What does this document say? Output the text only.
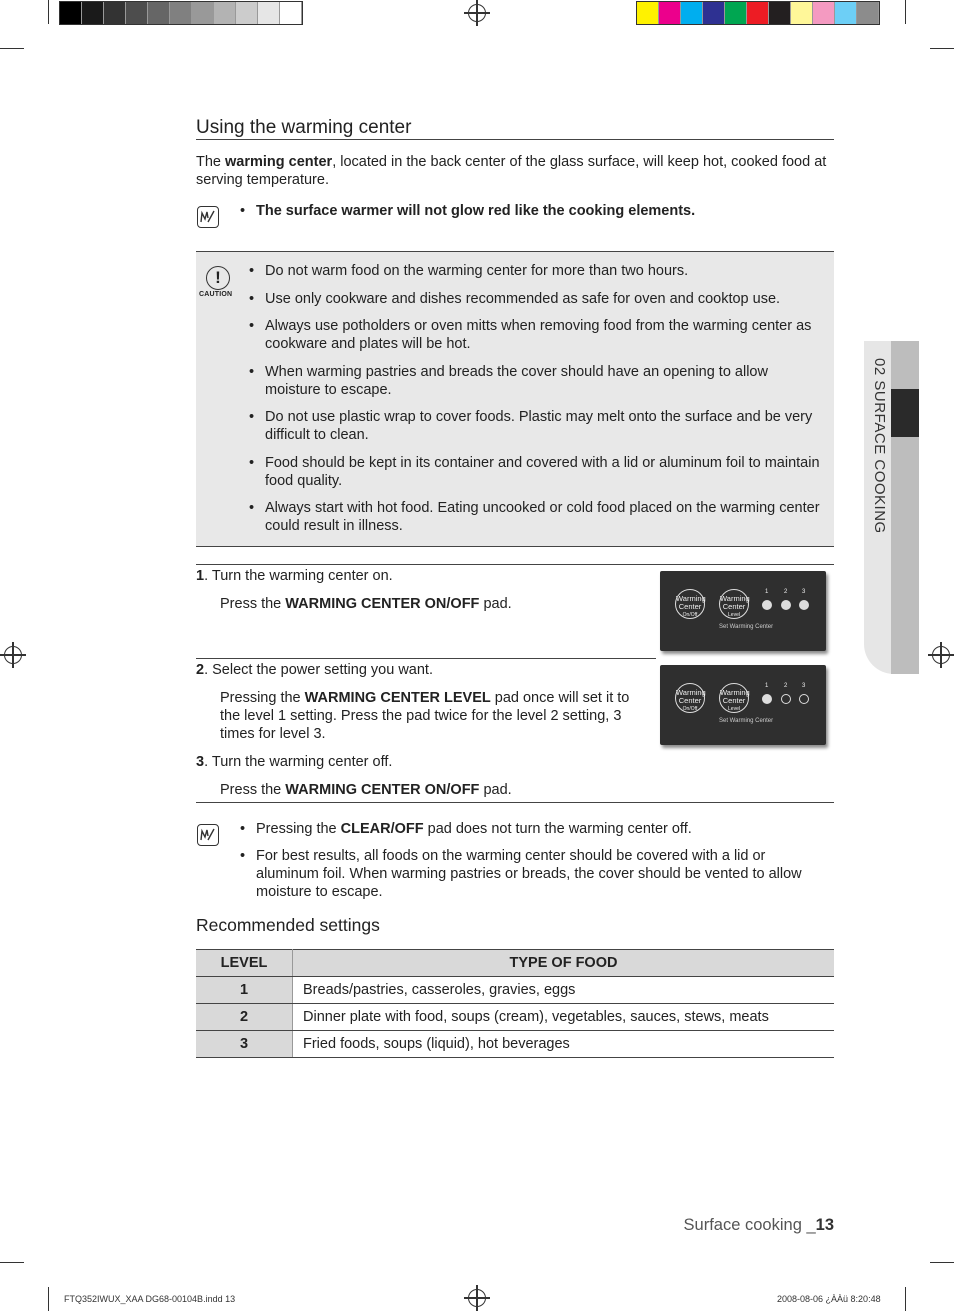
Using the warming center
The warming center, located in the back center of the glass surface, will keep hot, cooked food at serving temperature.
• The surface warmer will not glow red like the cooking elements.
!
CAUTION
• Do not warm food on the warming center for more than two hours.
• Use only cookware and dishes recommended as safe for oven and cooktop use.
• Always use potholders or oven mitts when removing food from the warming center as cookware and plates will be hot.
• When warming pastries and breads the cover should have an opening to allow moisture to escape.
• Do not use plastic wrap to cover foods. Plastic may melt onto the surface and be very difficult to clean.
• Food should be kept in its container and covered with a lid or aluminum foil to maintain food quality.
• Always start with hot food. Eating uncooked or cold food placed on the warming center could result in illness.
1. Turn the warming center on.
Press the WARMING CENTER ON/OFF pad.	Warming
Center
On/Off
Warming
Center
Level
1	2 3
Set Warming Center
2. Select the power setting you want.
Pressing the WARMING CENTER LEVEL pad once will set it to the level 1 setting. Press the pad twice for the level 2 setting, 3 times for level 3.
Warming
Center
On/Off
Warming
Center
Level
1	2 3
Set Warming Center
3. Turn the warming center off.
Press the WARMING CENTER ON/OFF pad.
• Pressing the CLEAR/OFF pad does not turn the warming center off.
• For best results, all foods on the warming center should be covered with a lid or aluminum foil. When warming pastries or breads, the cover should be vented to allow moisture to escape.
Recommended settings
LEVEL	TYPE OF FOOD
1	Breads/pastries, casseroles, gravies, eggs
2	Dinner plate with food, soups (cream), vegetables, sauces, stews, meats
3	Fried foods, soups (liquid), hot beverages
02 SURFACE COOKING
Surface cooking _13
FTQ352IWUX_XAA DG68-00104B.indd 13	2008-08-06 ¿ÀÀü 8:20:48
